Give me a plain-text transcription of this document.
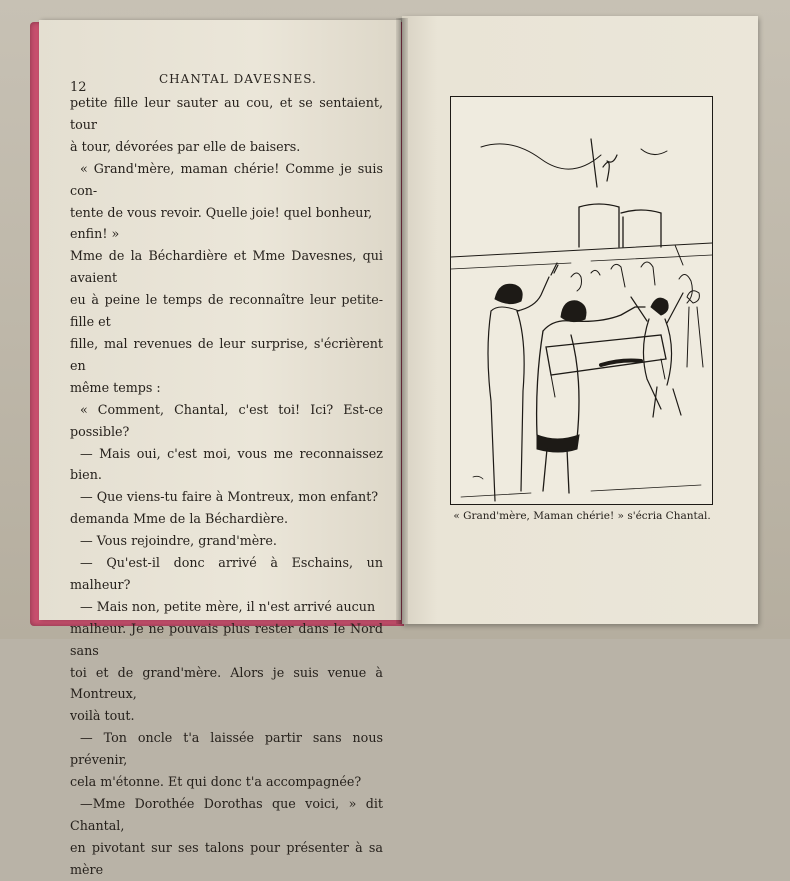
12
CHANTAL DAVESNES.

petite fille leur sauter au cou, et se sentaient, tour

à tour, dévorées par elle de baisers.

« Grand'mère, maman chérie! Comme je suis con-

tente de vous revoir. Quelle joie! quel bonheur,

enfin! »

Mme de la Béchardière et Mme Davesnes, qui avaient

eu à peine le temps de reconnaître leur petite-fille et

fille, mal revenues de leur surprise, s'écrièrent en

même temps :

« Comment, Chantal, c'est toi! Ici? Est-ce possible?

— Mais oui, c'est moi, vous me reconnaissez bien.

— Que viens-tu faire à Montreux, mon enfant?

demanda Mme de la Béchardière.

— Vous rejoindre, grand'mère.

— Qu'est-il donc arrivé à Eschains, un malheur?

— Mais non, petite mère, il n'est arrivé aucun

malheur. Je ne pouvais plus rester dans le Nord sans

toi et de grand'mère. Alors je suis venue à Montreux,

voilà tout.

— Ton oncle t'a laissée partir sans nous prévenir,

cela m'étonne. Et qui donc t'a accompagnée?

—Mme Dorothée Dorothas que voici, » dit Chantal,

en pivotant sur ses talons pour présenter à sa mère

« Grand'mère, Maman chérie! » s'écria Chantal.
